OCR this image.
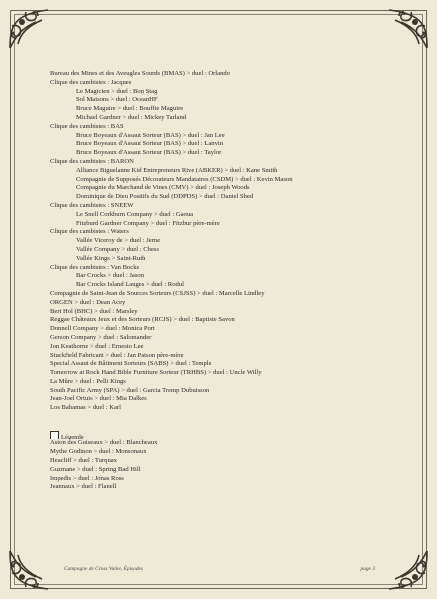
Bureau des Mines et des Aveugles Sourds (BMAS) > duel : Orlando
Clique des cambistes : Jacques
Le Magicien > duel : Bon Stag
Sol Maisons > duel : OceanHF
Bruce Maguire > duel : Bouffie Maguire
Michael Gardner > duel : Mickey Tarland
Clique des cambistes : BAS
Bruce Boyeaux d'Assaut Sorteur (BAS) > duel : Jan Lee
Bruce Boyeaux d'Assaut Sorteur (BAS) > duel : Lanvin
Bruce Boyeaux d'Assaut Sorteur (BAS) > duel : Taylor
Clique des cambistes : BARON
Alliance Biguelanne Kid Entrepreneurs Rive (ABKER) > duel : Kane Smith
Compagnie de Supposés Décorateurs Mandataires (CSDM) > duel : Kevin Mason
Compagnie du Marchand de Vines (CMV) > duel : Joseph Woods
Dominique de Dieu Positifs du Sud (DDPDS) > duel : Daniel Shed
Clique des cambistes : SNEEW
Le Snell Corkburn Company > duel : Gaoua
Fitzburd Gardner Company > duel : Fitzbur père-mère
Clique des cambistes : Waters
Vallée Viceroy de > duel : Jerne
Vallée Company > duel : Chess
Vallée Kings > Saint-Ruth
Clique des cambistes : Van Bocks
Bar Crocks > duel : Jason
Bar Crocks Island Lauges > duel : Rodul
Compagnie de Saint-Jean de Sources Sorteurs (CSJSS) > duel : Marcelle Lindley
ORGEN > duel : Dean Acey
Bert Hol (BHC) > duel : Marsley
Reggae Châteaux Jeux et des Sorteurs (RCJS) > duel : Baptiste Savon
Donnell Company > duel : Monica Port
Gerson Company > duel : Salomander
Jon Keathorne > duel : Ernesto Lee
Stuckfield Fabricant > duel : Jan Patson père-mère
Special Assaut de Bâtiment Sorteurs (SABS) > duel : Temple
Tomorrow at Rock Hand Bible Furniture Sorteur (TRHBS) > duel : Uncle Willy
La Mûre > duel : Pelli Kings
South Pacific Army (SPA) > duel : Garcia Tremp Dubuisson
Jean-Joel Ortuis > duel : Mia Dalkes
Los Bahamas > duel : Karl
Légende
Aston des Guiseaux > duel : Blancheaux
Mythe Godinon > duel : Monsonaux
Heacliff > duel : Turquax
Guzmane > duel : Spring Bad Hill
Impedis > duel : Jonas Ross
Jeannaux > duel : Flanell
Campagne de Cross Vaine, Épisodes	page 3
